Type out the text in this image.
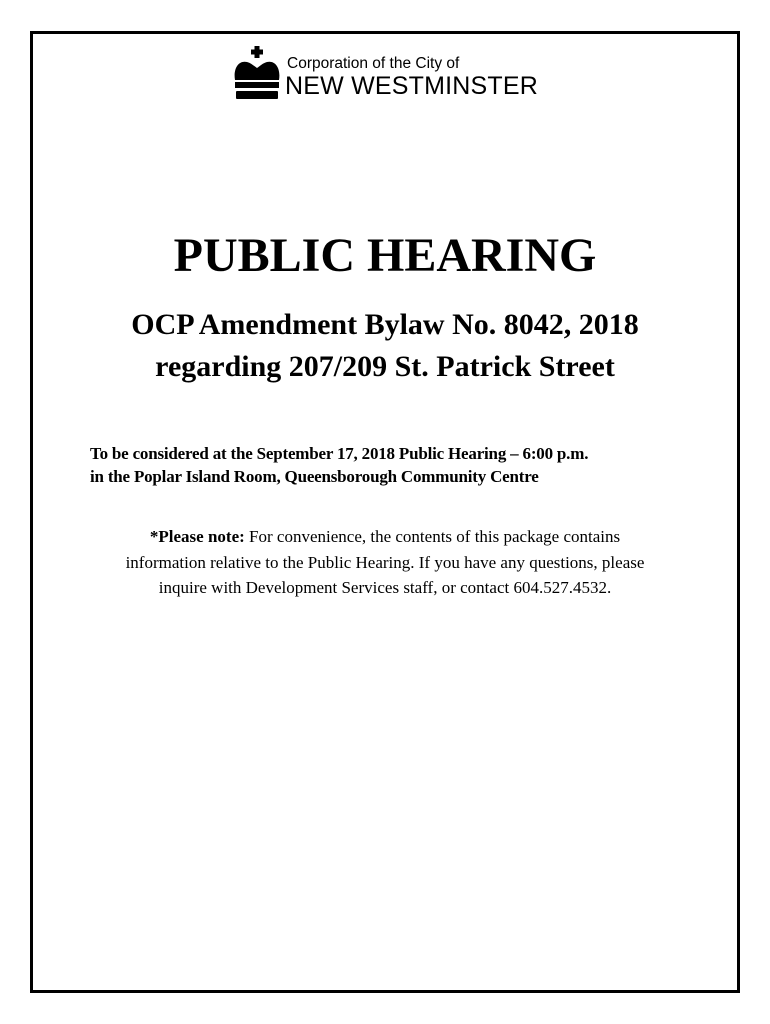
Corporation of the City of
NEW WESTMINSTER
PUBLIC HEARING
OCP Amendment Bylaw No. 8042, 2018
regarding 207/209 St. Patrick Street
To be considered at the September 17, 2018 Public Hearing – 6:00 p.m.
in the Poplar Island Room, Queensborough Community Centre
*Please note: For convenience, the contents of this package contains
information relative to the Public Hearing. If you have any questions, please
inquire with Development Services staff, or contact 604.527.4532.
